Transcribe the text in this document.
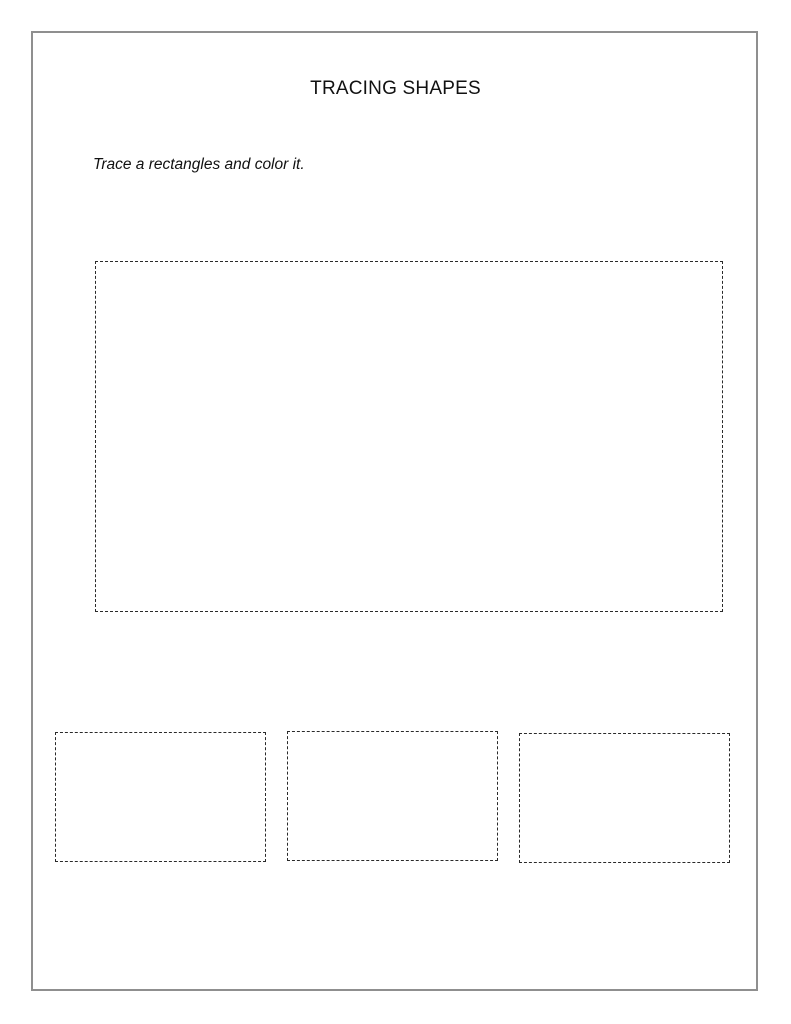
TRACING SHAPES
Trace a rectangles and color it.
